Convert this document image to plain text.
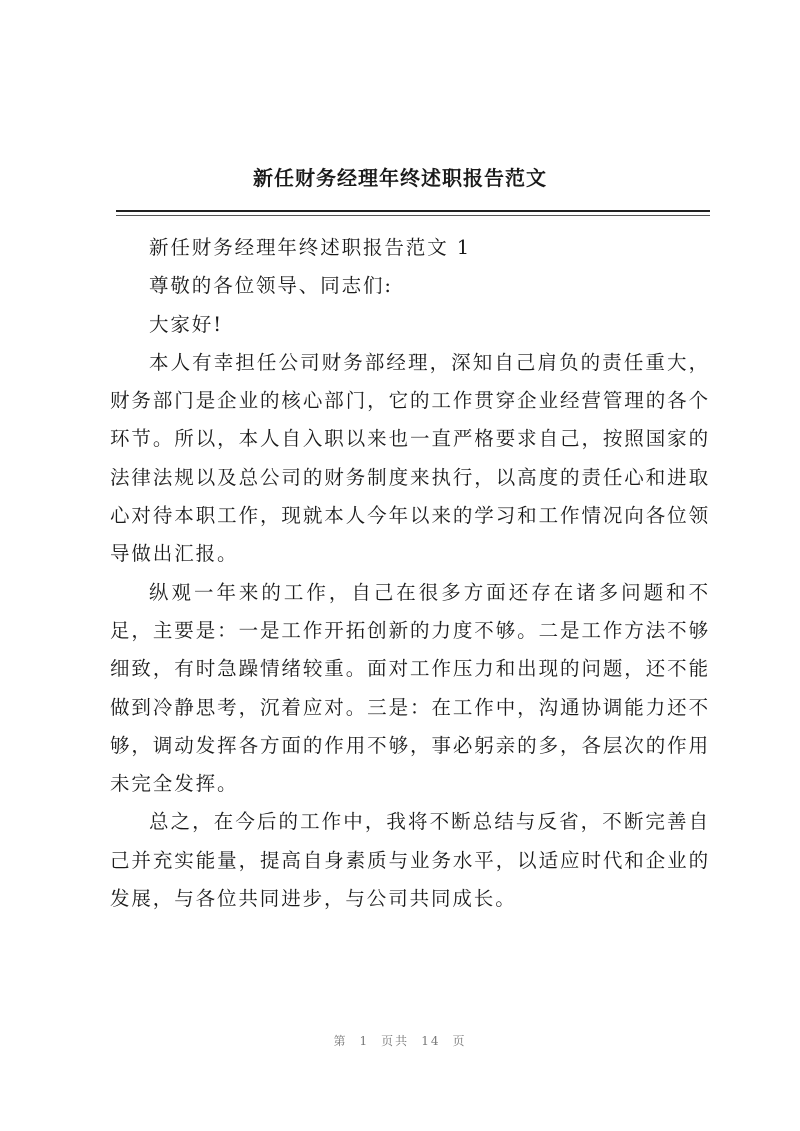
新任财务经理年终述职报告范文

新任财务经理年终述职报告范文 1

尊敬的各位领导、同志们:

大家好!

本人有幸担任公司财务部经理，深知自己肩负的责任重大，财务部门是企业的核心部门，它的工作贯穿企业经营管理的各个环节。所以，本人自入职以来也一直严格要求自己，按照国家的法律法规以及总公司的财务制度来执行，以高度的责任心和进取心对待本职工作，现就本人今年以来的学习和工作情况向各位领导做出汇报。

纵观一年来的工作，自己在很多方面还存在诸多问题和不足，主要是：一是工作开拓创新的力度不够。二是工作方法不够细致，有时急躁情绪较重。面对工作压力和出现的问题，还不能做到冷静思考，沉着应对。三是：在工作中，沟通协调能力还不够，调动发挥各方面的作用不够，事必躬亲的多，各层次的作用未完全发挥。

总之，在今后的工作中，我将不断总结与反省，不断完善自己并充实能量，提高自身素质与业务水平，以适应时代和企业的发展，与各位共同进步，与公司共同成长。

第 1 页共 14 页
